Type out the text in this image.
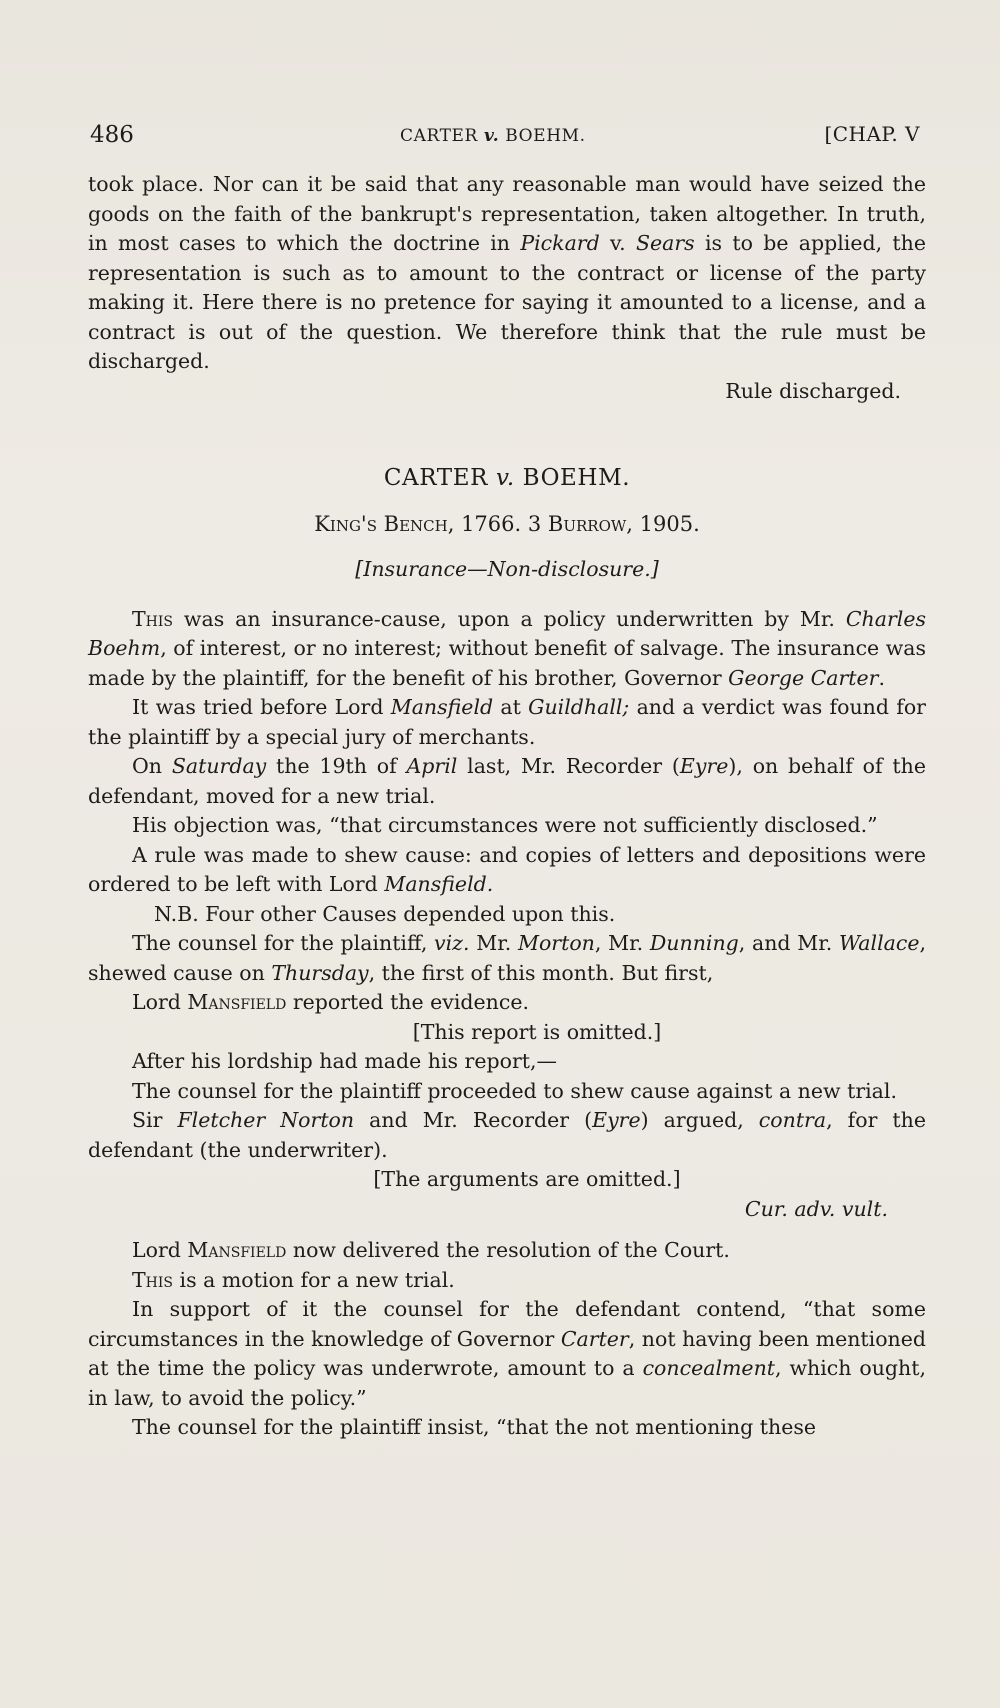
486	CARTER v. BOEHM.	[CHAP. V

took place. Nor can it be said that any reasonable man would have seized the goods on the faith of the bankrupt's representation, taken altogether. In truth, in most cases to which the doctrine in Pickard v. Sears is to be applied, the representation is such as to amount to the contract or license of the party making it. Here there is no pretence for saying it amounted to a license, and a contract is out of the question. We therefore think that the rule must be discharged.

Rule discharged.

CARTER v. BOEHM.

King's Bench, 1766. 3 Burrow, 1905.

[Insurance—Non-disclosure.]

This was an insurance-cause, upon a policy underwritten by Mr. Charles Boehm, of interest, or no interest; without benefit of salvage. The insurance was made by the plaintiff, for the benefit of his brother, Governor George Carter.

It was tried before Lord Mansfield at Guildhall; and a verdict was found for the plaintiff by a special jury of merchants.

On Saturday the 19th of April last, Mr. Recorder (Eyre), on behalf of the defendant, moved for a new trial.

His objection was, “that circumstances were not sufficiently disclosed.”

A rule was made to shew cause: and copies of letters and depositions were ordered to be left with Lord Mansfield.

N.B. Four other Causes depended upon this.

The counsel for the plaintiff, viz. Mr. Morton, Mr. Dunning, and Mr. Wallace, shewed cause on Thursday, the first of this month. But first,

Lord Mansfield reported the evidence.

[This report is omitted.]

After his lordship had made his report,—

The counsel for the plaintiff proceeded to shew cause against a new trial.

Sir Fletcher Norton and Mr. Recorder (Eyre) argued, contra, for the defendant (the underwriter).

[The arguments are omitted.]

Cur. adv. vult.

Lord Mansfield now delivered the resolution of the Court.

This is a motion for a new trial.

In support of it the counsel for the defendant contend, “that some circumstances in the knowledge of Governor Carter, not having been mentioned at the time the policy was underwrote, amount to a concealment, which ought, in law, to avoid the policy.”

The counsel for the plaintiff insist, “that the not mentioning these
